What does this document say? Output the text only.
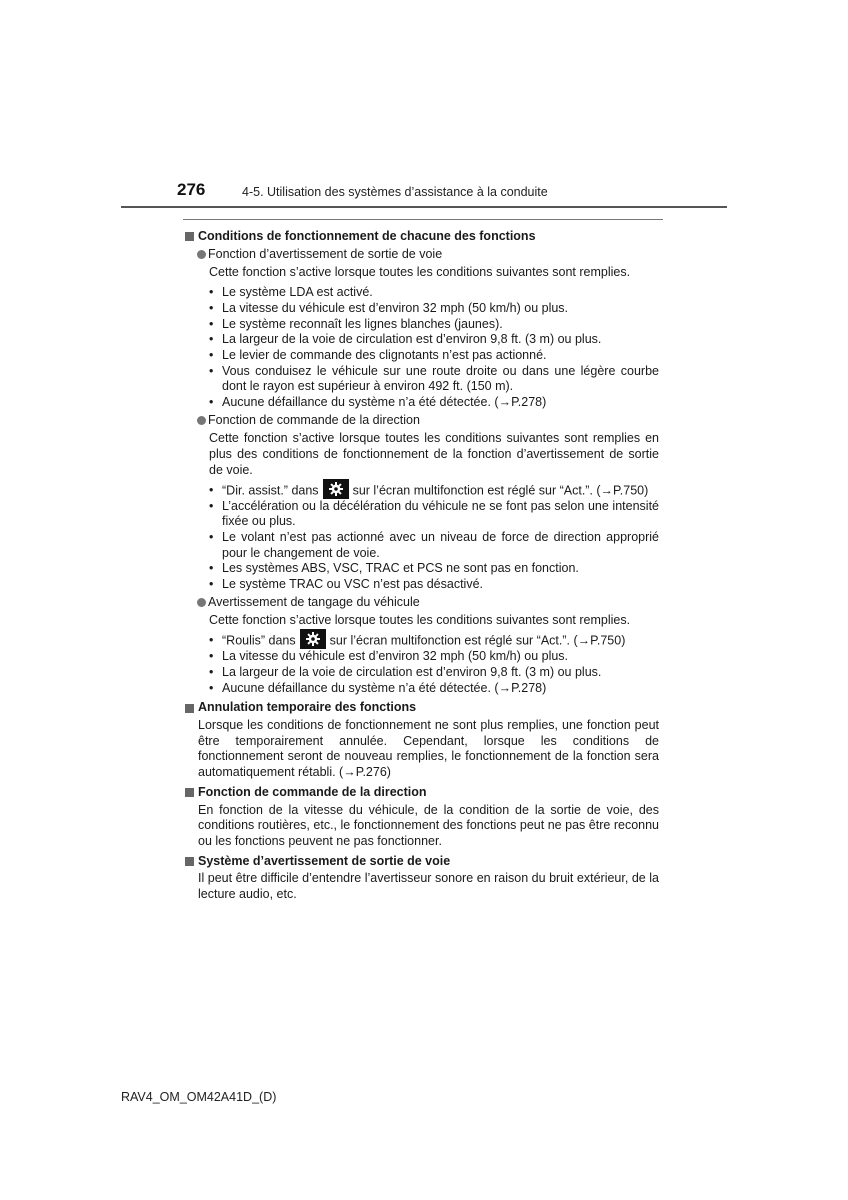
276	4-5. Utilisation des systèmes d’assistance à la conduite
Conditions de fonctionnement de chacune des fonctions
Fonction d’avertissement de sortie de voie
Cette fonction s’active lorsque toutes les conditions suivantes sont remplies.
• Le système LDA est activé.
• La vitesse du véhicule est d’environ 32 mph (50 km/h) ou plus.
• Le système reconnaît les lignes blanches (jaunes).
• La largeur de la voie de circulation est d’environ 9,8 ft. (3 m) ou plus.
• Le levier de commande des clignotants n’est pas actionné.
• Vous conduisez le véhicule sur une route droite ou dans une légère courbe dont le rayon est supérieur à environ 492 ft. (150 m).
• Aucune défaillance du système n’a été détectée. (→P.278)
Fonction de commande de la direction
Cette fonction s’active lorsque toutes les conditions suivantes sont remplies en plus des conditions de fonctionnement de la fonction d’avertissement de sortie de voie.
• “Dir. assist.” dans	sur l’écran multifonction est réglé sur “Act.”. (→P.750)
• L’accélération ou la décélération du véhicule ne se font pas selon une intensité fixée ou plus.
• Le volant n’est pas actionné avec un niveau de force de direction approprié pour le changement de voie.
• Les systèmes ABS, VSC, TRAC et PCS ne sont pas en fonction.
• Le système TRAC ou VSC n’est pas désactivé.
Avertissement de tangage du véhicule
Cette fonction s’active lorsque toutes les conditions suivantes sont remplies.
• “Roulis” dans	sur l’écran multifonction est réglé sur “Act.”. (→P.750)
• La vitesse du véhicule est d’environ 32 mph (50 km/h) ou plus.
• La largeur de la voie de circulation est d’environ 9,8 ft. (3 m) ou plus.
• Aucune défaillance du système n’a été détectée. (→P.278)
Annulation temporaire des fonctions
Lorsque les conditions de fonctionnement ne sont plus remplies, une fonction peut être temporairement annulée. Cependant, lorsque les conditions de fonctionnement seront de nouveau remplies, le fonctionnement de la fonction sera automatiquement rétabli. (→P.276)
Fonction de commande de la direction
En fonction de la vitesse du véhicule, de la condition de la sortie de voie, des conditions routières, etc., le fonctionnement des fonctions peut ne pas être reconnu ou les fonctions peuvent ne pas fonctionner.
Système d’avertissement de sortie de voie
Il peut être difficile d’entendre l’avertisseur sonore en raison du bruit extérieur, de la lecture audio, etc.
RAV4_OM_OM42A41D_(D)
